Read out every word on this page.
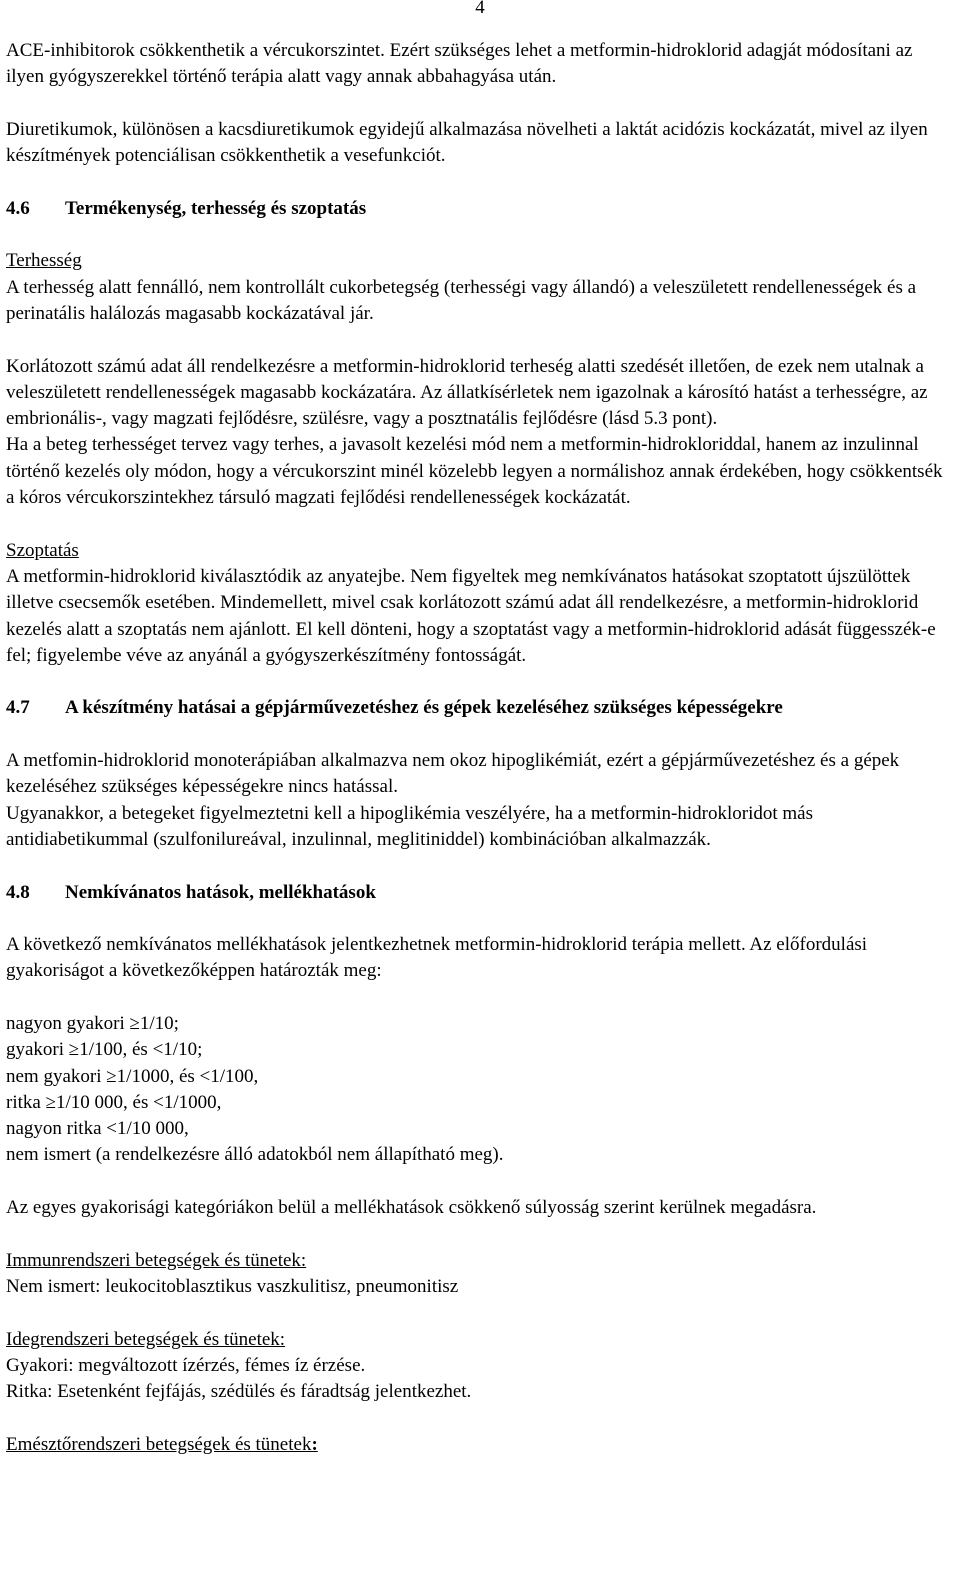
4

ACE-inhibitorok csökkenthetik a vércukorszintet. Ezért szükséges lehet a metformin-hidroklorid adagját módosítani az ilyen gyógyszerekkel történő terápia alatt vagy annak abbahagyása után.

Diuretikumok, különösen a kacsdiuretikumok egyidejű alkalmazása növelheti a laktát acidózis kockázatát, mivel az ilyen készítmények potenciálisan csökkenthetik a vesefunkciót.

4.6	Termékenység, terhesség és szoptatás

Terhesség

A terhesség alatt fennálló, nem kontrollált cukorbetegség (terhességi vagy állandó) a veleszületett rendellenességek és a perinatális halálozás magasabb kockázatával jár.

Korlátozott számú adat áll rendelkezésre a metformin-hidroklorid terheség alatti szedését illetően, de ezek nem utalnak a veleszületett rendellenességek magasabb kockázatára. Az állatkísérletek nem igazolnak a károsító hatást a terhességre, az embrionális-, vagy magzati fejlődésre, szülésre, vagy a posztnatális fejlődésre (lásd 5.3 pont).

Ha a beteg terhességet tervez vagy terhes, a javasolt kezelési mód nem a metformin-hidrokloriddal, hanem az inzulinnal történő kezelés oly módon, hogy a vércukorszint minél közelebb legyen a normálishoz annak érdekében, hogy csökkentsék a kóros vércukorszintekhez társuló magzati fejlődési rendellenességek kockázatát.

Szoptatás

A metformin-hidroklorid kiválasztódik az anyatejbe. Nem figyeltek meg nemkívánatos hatásokat szoptatott újszülöttek illetve csecsemők esetében. Mindemellett, mivel csak korlátozott számú adat áll rendelkezésre, a metformin-hidroklorid kezelés alatt a szoptatás nem ajánlott. El kell dönteni, hogy a szoptatást vagy a metformin-hidroklorid adását függesszék-e fel; figyelembe véve az anyánál a gyógyszerkészítmény fontosságát.

4.7	A készítmény hatásai a gépjárművezetéshez és gépek kezeléséhez szükséges képességekre

A metfomin-hidroklorid monoterápiában alkalmazva nem okoz hipoglikémiát, ezért a gépjárművezetéshez és a gépek kezeléséhez szükséges képességekre nincs hatással.

Ugyanakkor, a betegeket figyelmeztetni kell a hipoglikémia veszélyére, ha a metformin-hidrokloridot más antidiabetikummal (szulfonilureával, inzulinnal, meglitiniddel) kombinációban alkalmazzák.

4.8	Nemkívánatos hatások, mellékhatások

A következő nemkívánatos mellékhatások jelentkezhetnek metformin-hidroklorid terápia mellett. Az előfordulási gyakoriságot a következőképpen határozták meg:

nagyon gyakori ≥1/10;

gyakori ≥1/100, és <1/10;

nem gyakori ≥1/1000, és <1/100,

ritka ≥1/10 000, és <1/1000,

nagyon ritka <1/10 000,

nem ismert (a rendelkezésre álló adatokból nem állapítható meg).

Az egyes gyakorisági kategóriákon belül a mellékhatások csökkenő súlyosság szerint kerülnek megadásra.

Immunrendszeri betegségek és tünetek:

Nem ismert: leukocitoblasztikus vaszkulitisz, pneumonitisz

Idegrendszeri betegségek és tünetek:

Gyakori: megváltozott ízérzés, fémes íz érzése.

Ritka: Esetenként fejfájás, szédülés és fáradtság jelentkezhet.

Emésztőrendszeri betegségek és tünetek:
